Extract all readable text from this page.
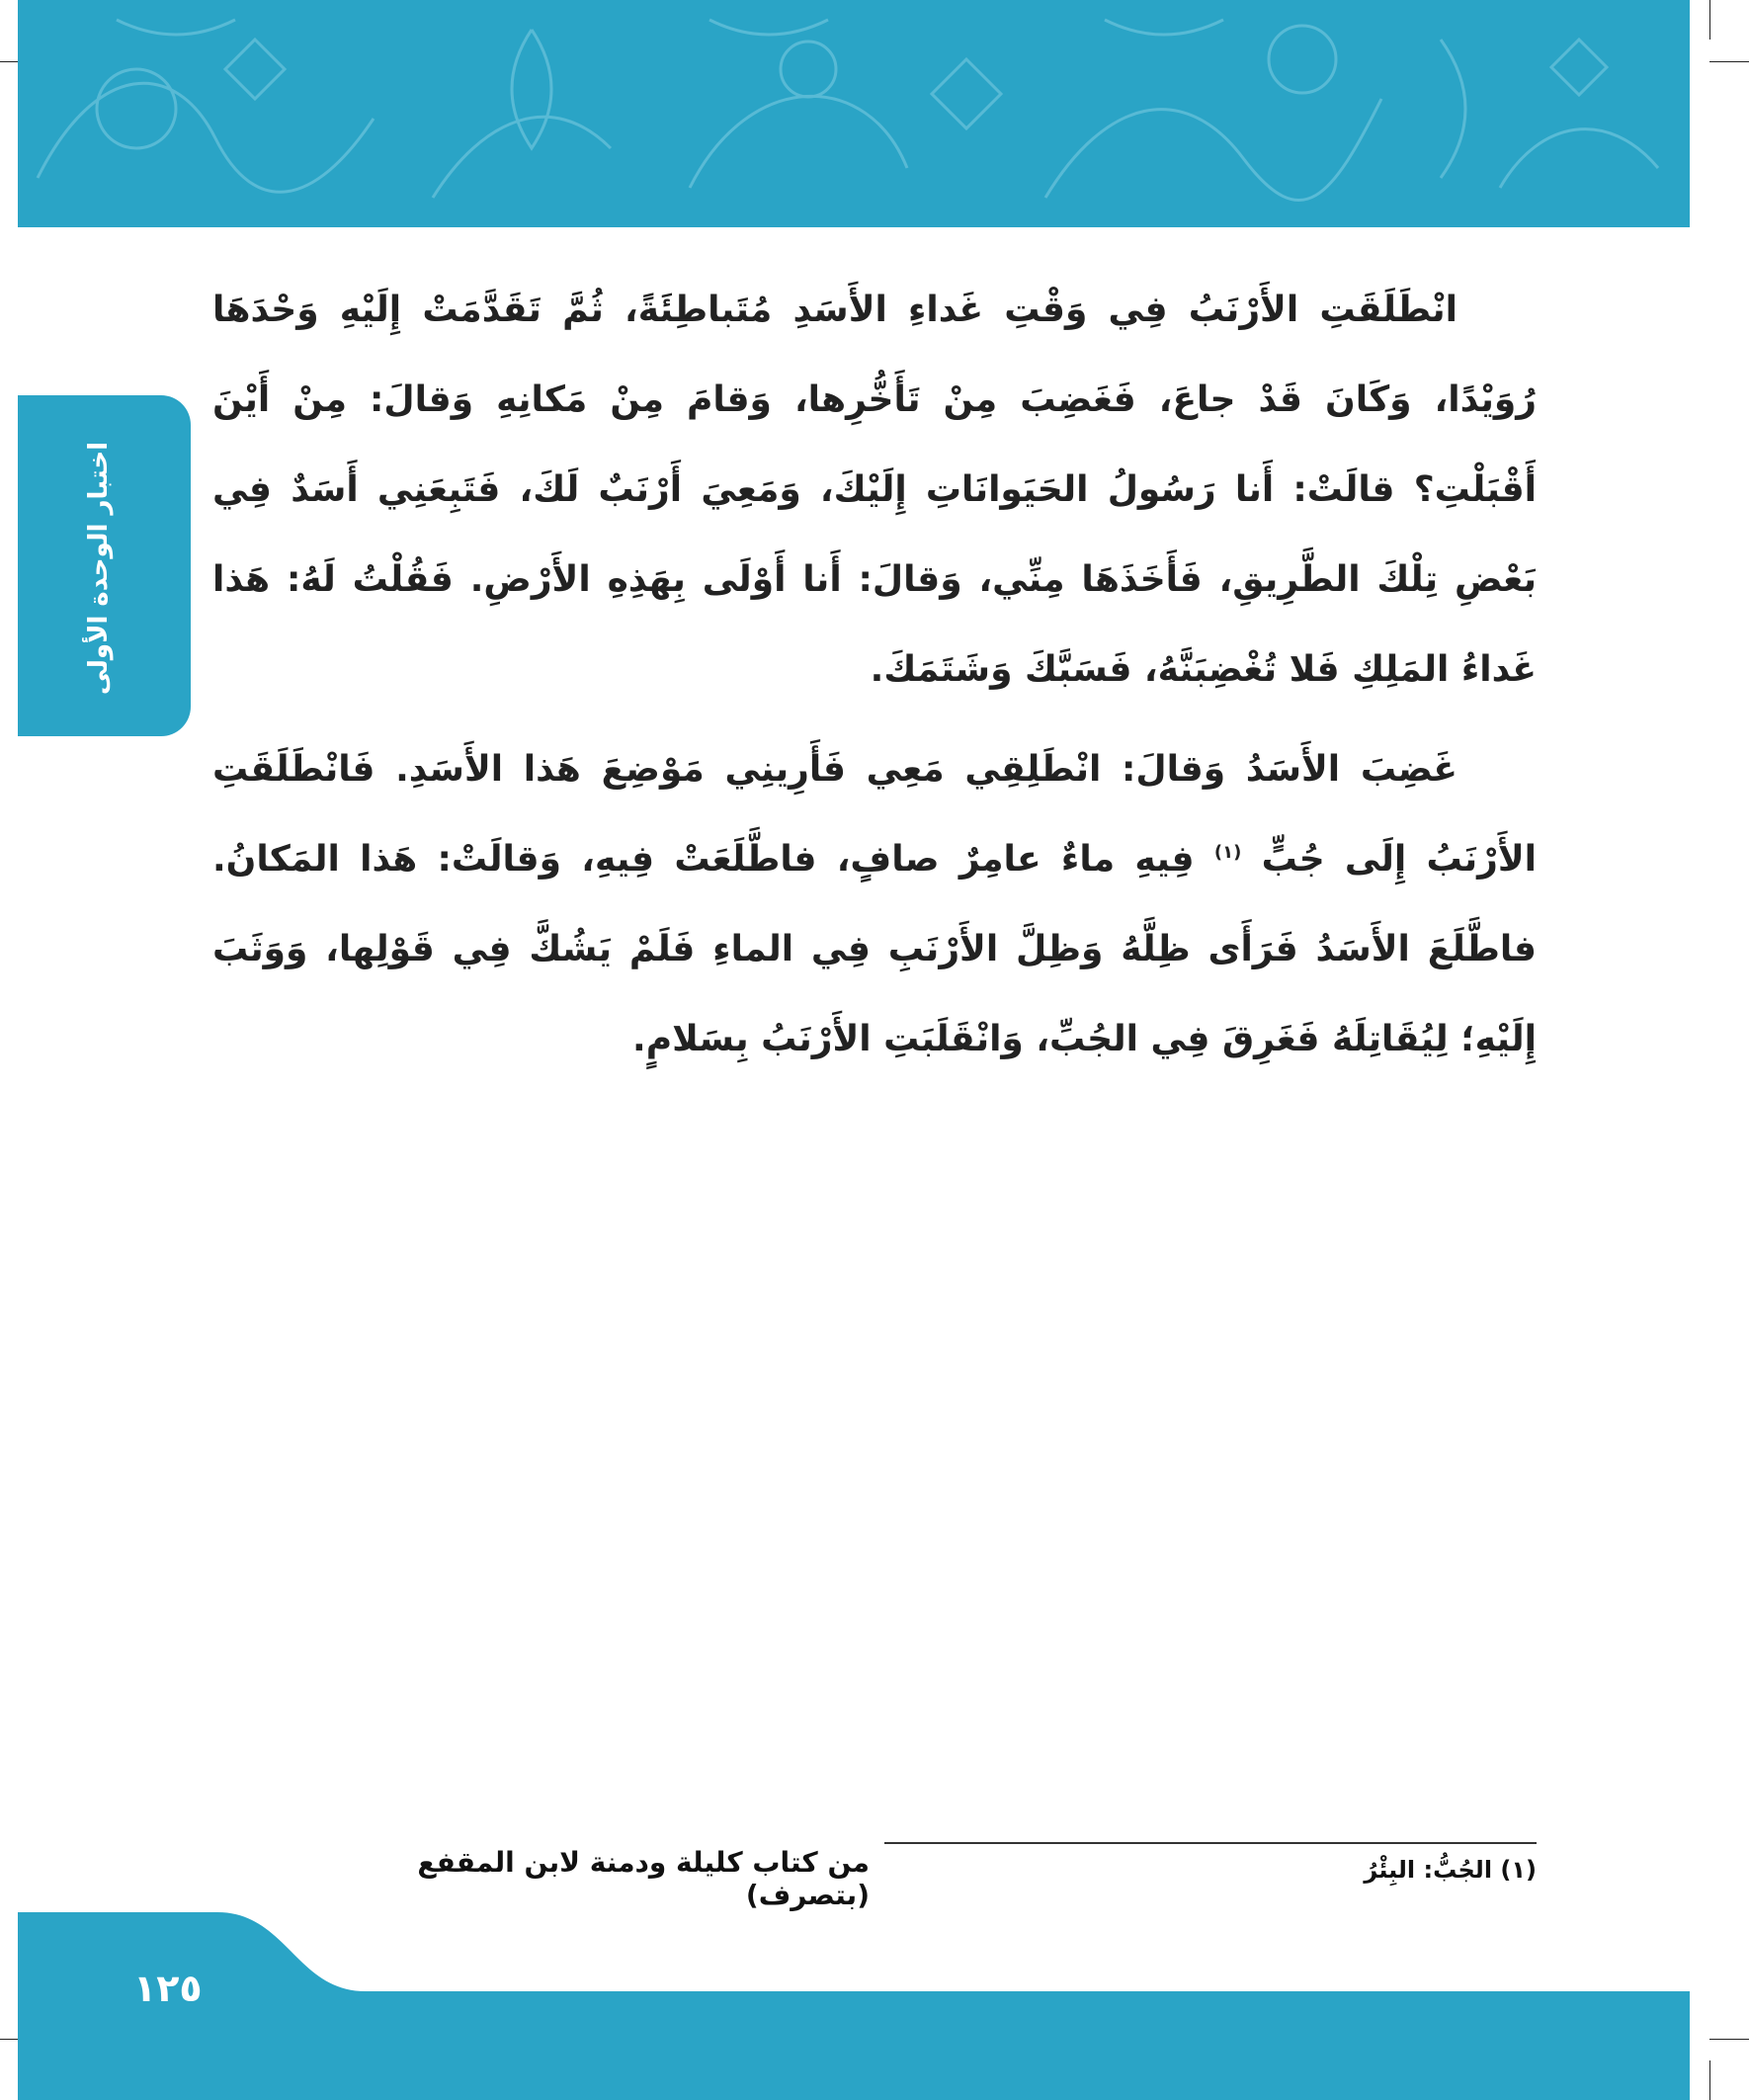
اختبار الوحدة الأولى

انْطَلَقَتِ الأَرْنَبُ فِي وَقْتِ غَداءِ الأَسَدِ مُتَباطِئَةً، ثُمَّ تَقَدَّمَتْ إِلَيْهِ وَحْدَهَا رُوَيْدًا، وَكَانَ قَدْ جاعَ، فَغَضِبَ مِنْ تَأَخُّرِها، وَقامَ مِنْ مَكانِهِ وَقالَ: مِنْ أَيْنَ أَقْبَلْتِ؟ قالَتْ: أَنا رَسُولُ الحَيَوانَاتِ إِلَيْكَ، وَمَعِيَ أَرْنَبٌ لَكَ، فَتَبِعَنِي أَسَدٌ فِي بَعْضِ تِلْكَ الطَّرِيقِ، فَأَخَذَهَا مِنِّي، وَقالَ: أَنا أَوْلَى بِهَذِهِ الأَرْضِ. فَقُلْتُ لَهُ: هَذا غَداءُ المَلِكِ فَلا تُغْضِبَنَّهُ، فَسَبَّكَ وَشَتَمَكَ.

غَضِبَ الأَسَدُ وَقالَ: انْطَلِقِي مَعِي فَأَرِينِي مَوْضِعَ هَذا الأَسَدِ. فَانْطَلَقَتِ الأَرْنَبُ إِلَى جُبٍّ $^{(١)}$ فِيهِ ماءٌ عامِرٌ صافٍ، فاطَّلَعَتْ فِيهِ، وَقالَتْ: هَذا المَكانُ. فاطَّلَعَ الأَسَدُ فَرَأَى ظِلَّهُ وَظِلَّ الأَرْنَبِ فِي الماءِ فَلَمْ يَشُكَّ فِي قَوْلِها، وَوَثَبَ إِلَيْهِ؛ لِيُقَاتِلَهُ فَغَرِقَ فِي الجُبِّ، وَانْقَلَبَتِ الأَرْنَبُ بِسَلامٍ.

من كتاب كليلة ودمنة لابن المقفع (بتصرف)
(١) الجُبُّ: البِئْرُ
١٢٥
